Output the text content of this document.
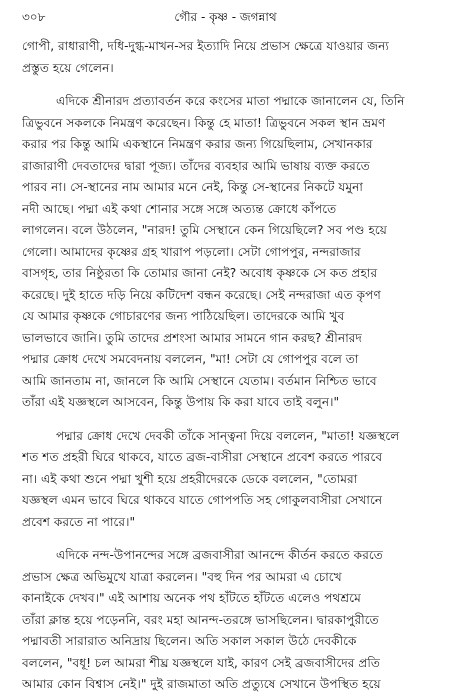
৩০৮	গৌর - কৃষ্ণ - জগন্নাথ
গোপী, রাধারাণী, দধি-দুগ্ধ-মাখন-সর ইত্যাদি নিয়ে প্রভাস ক্ষেত্রে যাওয়ার জন্য
প্রস্তুত হয়ে গেলেন।
এদিকে শ্রীনারদ প্রত্যাবর্তন করে কংসের মাতা পদ্মাকে জানালেন যে, তিনি
ত্রিভুবনে সকলকে নিমন্ত্রণ করেছেন। কিন্তু হে মাতা! ত্রিভুবনে সকল স্থান ভ্রমণ
করার পর কিন্তু আমি একস্থানে নিমন্ত্রণ করার জন্য গিয়েছিলাম, সেখানকার
রাজারাণী দেবতাদের দ্বারা পূজ্য। তাঁদের ব্যবহার আমি ভাষায় ব্যক্ত করতে
পারব না। সে-স্থানের নাম আমার মনে নেই, কিন্তু সে-স্থানের নিকটে যমুনা
নদী আছে। পদ্মা এই কথা শোনার সঙ্গে সঙ্গে অত্যন্ত ক্রোধে কাঁপতে
লাগলেন। বলে উঠলেন, "নারদ! তুমি সেস্থানে কেন গিয়েছিলে? সব পণ্ড হয়ে
গেলো। আমাদের কৃষ্ণের গ্রহ খারাপ পড়লো। সেটা গোপপুর, নন্দরাজার
বাসগৃহ, তার নিষ্ঠুরতা কি তোমার জানা নেই? অবোধ কৃষ্ণকে সে কত প্রহার
করেছে। দুই হাতে দড়ি নিয়ে কটিদেশ বন্ধন করেছে। সেই নন্দরাজা এত কৃপণ
যে আমার কৃষ্ণকে গোচারণের জন্য পাঠিয়েছিল। তাদেরকে আমি খুব
ভালভাবে জানি। তুমি তাদের প্রশংসা আমার সামনে গান করছ? শ্রীনারদ
পদ্মার ক্রোধ দেখে সমবেদনায় বললেন, "মা! সেটা যে গোপপুর বলে তা
আমি জানতাম না, জানলে কি আমি সেস্থানে যেতাম। বর্তমান নিশ্চিত ভাবে
তাঁরা এই যজ্ঞস্থলে আসবেন, কিন্তু উপায় কি করা যাবে তাই বলুন।"
পদ্মার ক্রোধ দেখে দেবকী তাঁকে সান্ত্বনা দিয়ে বললেন, "মাতা! যজ্ঞস্থলে
শত শত প্রহরী ঘিরে থাকবে, যাতে ব্রজ-বাসীরা সেস্থানে প্রবেশ করতে পারবে
না। এই কথা শুনে পদ্মা খুশী হয়ে প্রহরীদেরকে ডেকে বললেন, "তোমরা
যজ্ঞস্থল এমন ভাবে ঘিরে থাকবে যাতে গোপপতি সহ গোকুলবাসীরা সেখানে
প্রবেশ করতে না পারে।"
এদিকে নন্দ-উপানন্দের সঙ্গে ব্রজবাসীরা আনন্দে কীর্তন করতে করতে
প্রভাস ক্ষেত্র অভিমুখে যাত্রা করলেন। "বহু দিন পর আমরা এ চোখে
কানাইকে দেখব।" এই আশায় অনেক পথ হাঁটতে হাঁটতে এলেও পথশ্রমে
তাঁরা ক্লান্ত হয়ে পড়েননি, বরং মহা আনন্দ-তরঙ্গে ভাসছিলেন। দ্বারকাপুরীতে
পদ্মাবতী সারারাত অনিদ্রায় ছিলেন। অতি সকাল সকাল উঠে দেবকীকে
বললেন, "বধূ! চল আমরা শীঘ্র যজ্ঞস্থলে যাই, কারণ সেই ব্রজবাসীদের প্রতি
আমার কোন বিশ্বাস নেই।" দুই রাজমাতা অতি প্রত্যুষে সেখানে উপস্থিত হয়ে
